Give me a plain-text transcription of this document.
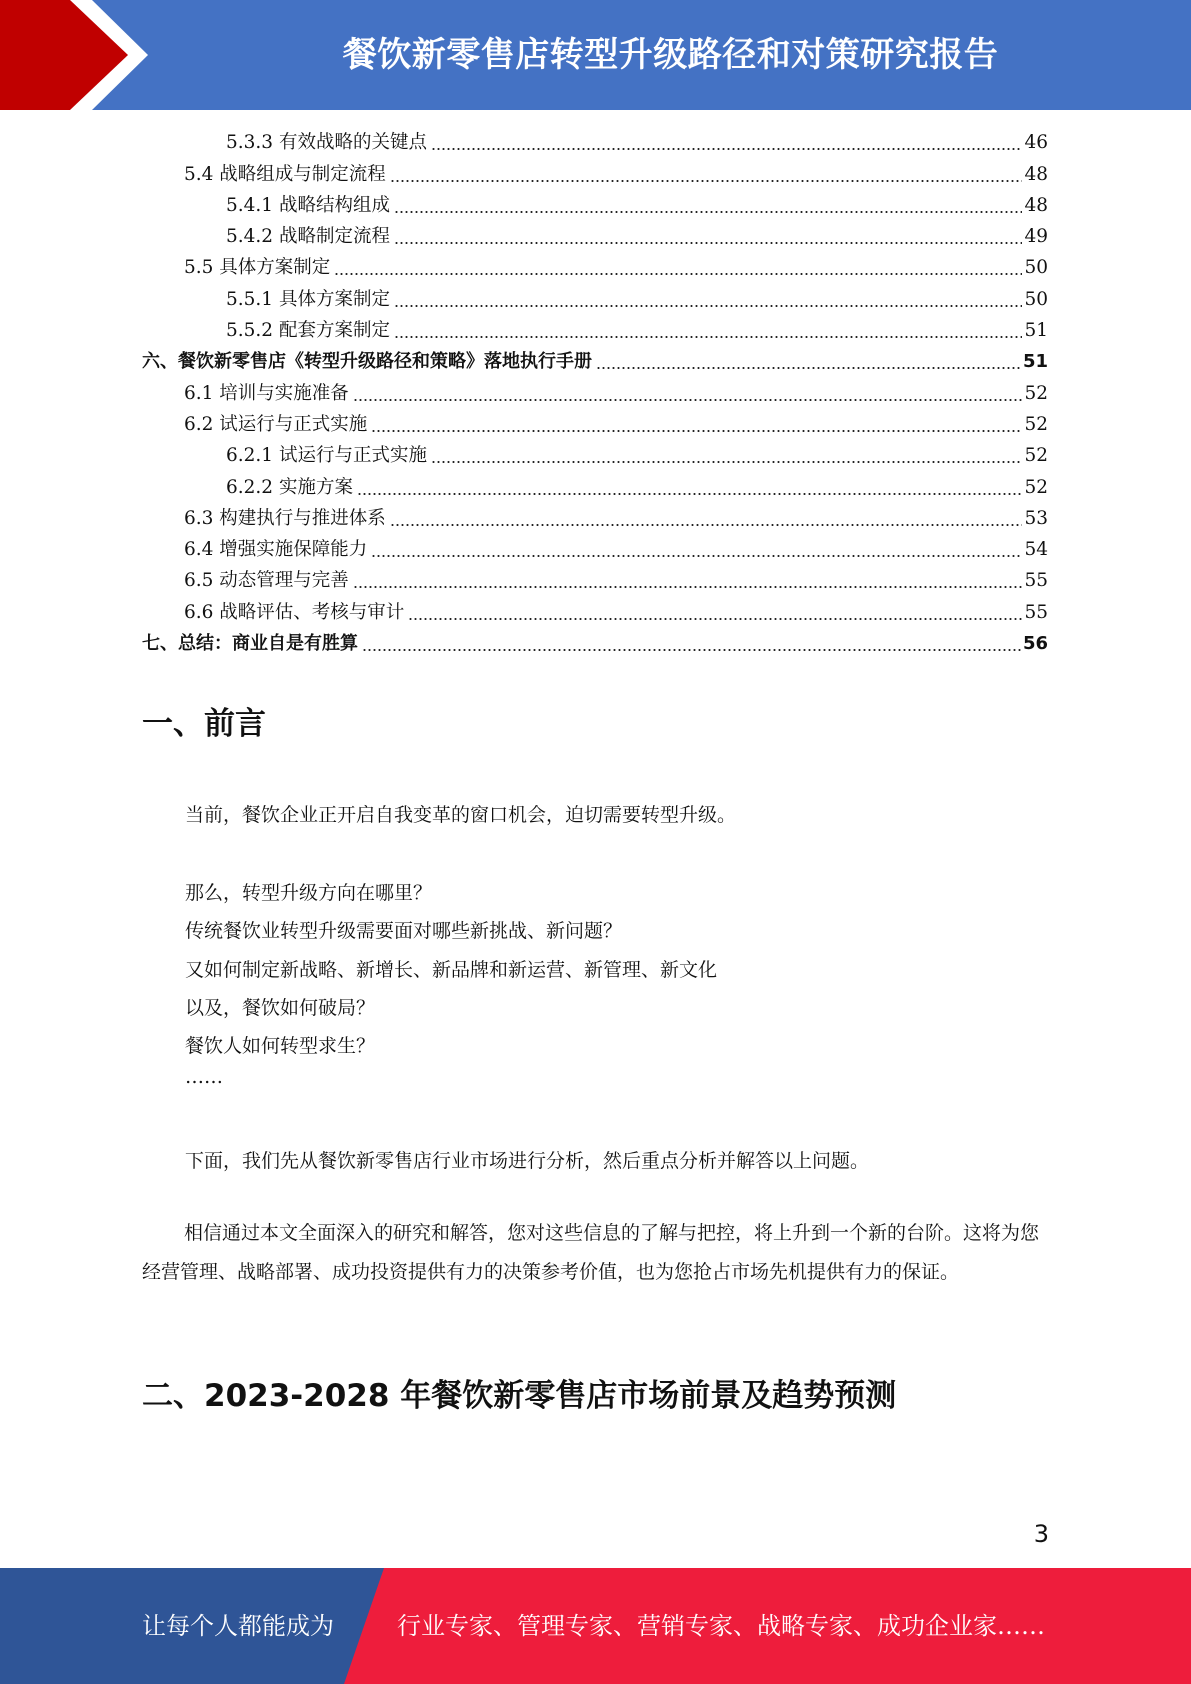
餐饮新零售店转型升级路径和对策研究报告
5.3.3 有效战略的关键点	46
5.4 战略组成与制定流程	48
5.4.1 战略结构组成	48
5.4.2 战略制定流程	49
5.5 具体方案制定	50
5.5.1 具体方案制定	50
5.5.2 配套方案制定	51
六、餐饮新零售店《转型升级路径和策略》落地执行手册	51
6.1 培训与实施准备	52
6.2 试运行与正式实施	52
6.2.1 试运行与正式实施	52
6.2.2 实施方案	52
6.3 构建执行与推进体系	53
6.4 增强实施保障能力	54
6.5 动态管理与完善	55
6.6 战略评估、考核与审计	55
七、总结：商业自是有胜算	56
一、前言
当前，餐饮企业正开启自我变革的窗口机会，迫切需要转型升级。
那么，转型升级方向在哪里？
传统餐饮业转型升级需要面对哪些新挑战、新问题？
又如何制定新战略、新增长、新品牌和新运营、新管理、新文化
以及，餐饮如何破局？
餐饮人如何转型求生？
……
下面，我们先从餐饮新零售店行业市场进行分析，然后重点分析并解答以上问题。
相信通过本文全面深入的研究和解答，您对这些信息的了解与把控，将上升到一个新的台阶。这将为您经营管理、战略部署、成功投资提供有力的决策参考价值，也为您抢占市场先机提供有力的保证。
二、2023-2028 年餐饮新零售店市场前景及趋势预测
3
让每个人都能成为	行业专家、管理专家、营销专家、战略专家、成功企业家……
